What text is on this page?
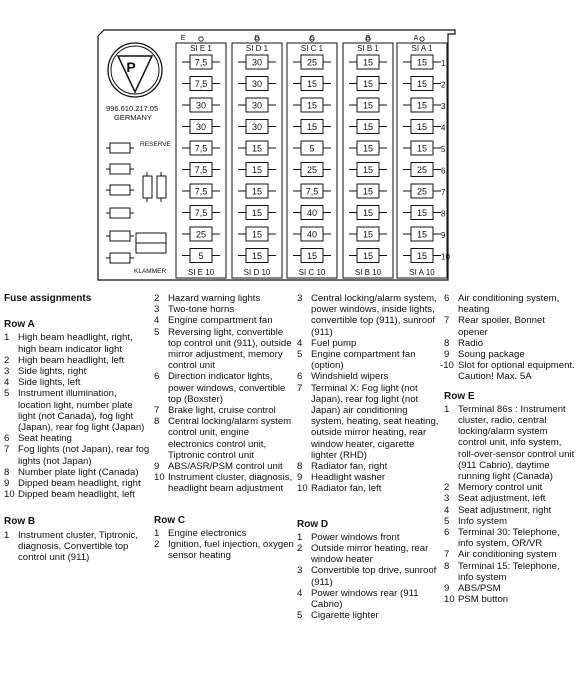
P
996.610.217.05
GERMANY
RESERVE
KLAMMER
E
SI E 1
SI E 10
7,5
7,5
30
30
7,5
7,5
7,5
7,5
25
5
D
SI D 1
SI D 10
30
30
30
30
15
15
15
15
15
15
C
SI C 1
SI C 10
25
15
15
15
5
25
7,5
40
40
15
B
SI B 1
SI B 10
15
15
15
15
15
15
15
15
15
15
A
SI A 1
SI A 10
15
15
15
15
15
25
25
15
15
15
1
2
3
4
5
6
7
8
9
10
Fuse assignments
Row A
1 High beam headlight, right, high beam indicator light
2 High beam headlight, left
3 Side lights, right
4 Side lights, left
5 Instrument illumination, location light, number plate light (not Canada), fog light (Japan), rear fog light (Japan)
6 Seat heating
7 Fog lights (not Japan), rear fog lights (not Japan)
8 Number plate light (Canada)
9 Dipped beam headlight, right
10 Dipped beam headlight, left
Row B
1 Instrument cluster, Tiptronic, diagnosis, Convertible top control unit (911)
2 Hazard warning lights
3 Two-tone horns
4 Engine compartment fan
5 Reversing light, convertible top control unit (911), outside mirror adjustment, memory control unit
6 Direction indicator lights, power windows, convertible top (Boxster)
7 Brake light, cruise control
8 Central locking/alarm system control unit, engine electronics control unit, Tiptronic control unit
9 ABS/ASR/PSM control unit
10 Instrument cluster, diagnosis, headlight beam adjustment
Row C
1 Engine electronics
2 Ignition, fuel injection, oxygen sensor heating
3 Central locking/alarm system, power windows, inside lights, convertible top (911), sunroof (911)
4 Fuel pump
5 Engine compartment fan (option)
6 Windshield wipers
7 Terminal X: Fog light (not Japan), rear fog light (not Japan) air conditioning system, heating, seat heating, outside mirror heating, rear window heater, cigarette lighter (RHD)
8 Radiator fan, right
9 Headlight washer
10 Radiator fan, left
Row D
1 Power windows front
2 Outside mirror heating, rear window heater
3 Convertible top drive, sunroof (911)
4 Power windows rear (911 Cabrio)
5 Cigarette lighter
6 Air conditioning system, heating
7 Rear spoiler, Bonnet opener
8 Radio
9 Soung package
-10 Slot for optional equipment. Caution! Max. 5A
Row E
1 Terminal 86s : Instrument cluster, radio, central locking/alarm system control unit, info system, roll-over-sensor control unit (911 Cabrio), daytime running light (Canada)
2 Memory control unit
3 Seat adjustment, left
4 Seat adjustment, right
5 Info system
6 Terminal 30: Telephone, info system, OR/VR
7 Air conditioning system
8 Terminal 15: Telephone, info system
9 ABS/PSM
10 PSM button
